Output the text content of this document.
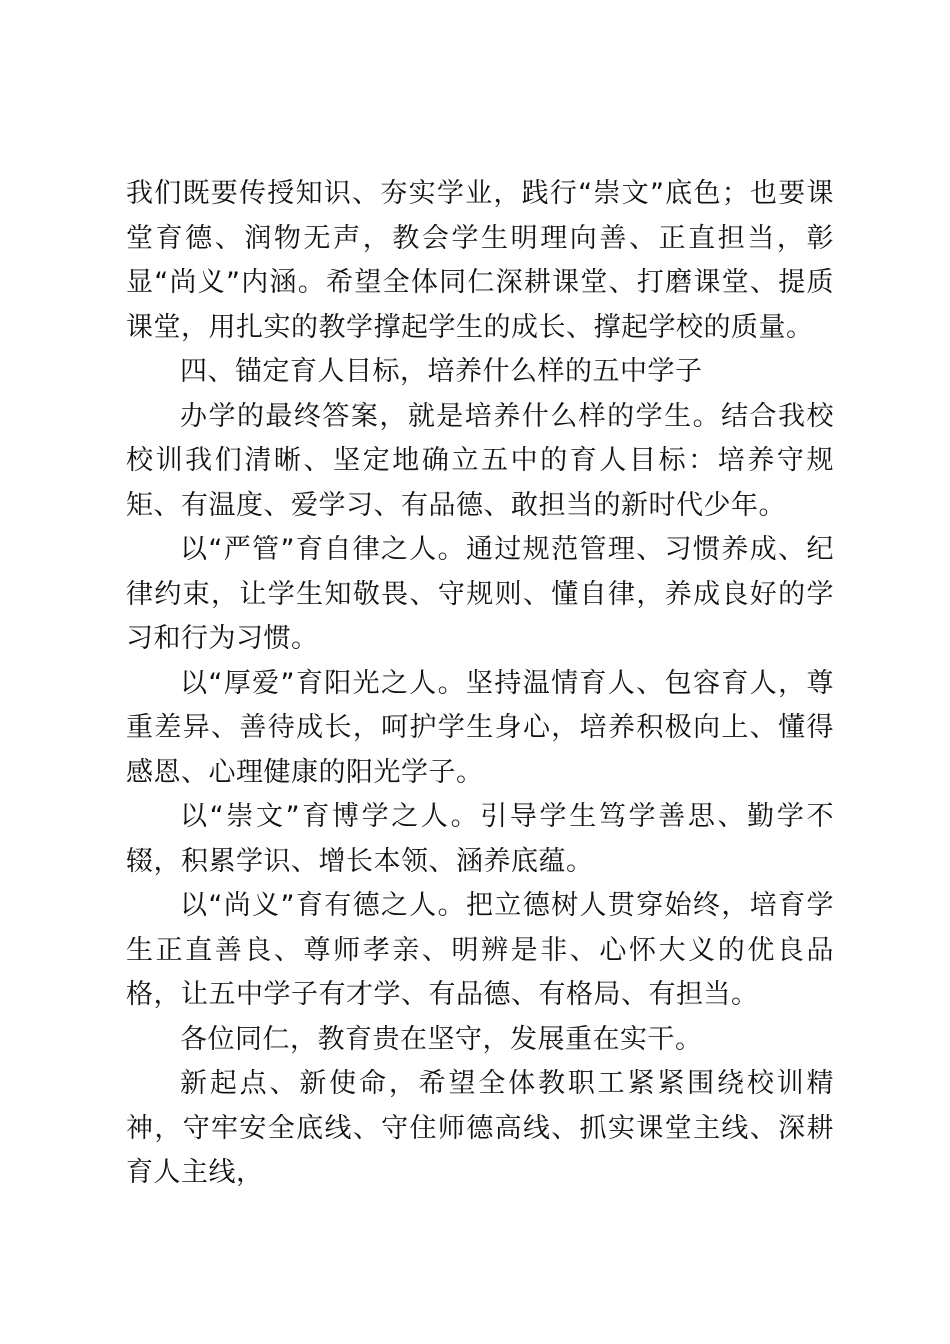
我们既要传授知识、夯实学业，践行“崇文”底色；也要课堂育德、润物无声，教会学生明理向善、正直担当，彰显“尚义”内涵。希望全体同仁深耕课堂、打磨课堂、提质课堂，用扎实的教学撑起学生的成长、撑起学校的质量。

四、锚定育人目标，培养什么样的五中学子

办学的最终答案，就是培养什么样的学生。结合我校校训我们清晰、坚定地确立五中的育人目标：培养守规矩、有温度、爱学习、有品德、敢担当的新时代少年。

以“严管”育自律之人。通过规范管理、习惯养成、纪律约束，让学生知敬畏、守规则、懂自律，养成良好的学习和行为习惯。

以“厚爱”育阳光之人。坚持温情育人、包容育人，尊重差异、善待成长，呵护学生身心，培养积极向上、懂得感恩、心理健康的阳光学子。

以“崇文”育博学之人。引导学生笃学善思、勤学不辍，积累学识、增长本领、涵养底蕴。

以“尚义”育有德之人。把立德树人贯穿始终，培育学生正直善良、尊师孝亲、明辨是非、心怀大义的优良品格，让五中学子有才学、有品德、有格局、有担当。

各位同仁，教育贵在坚守，发展重在实干。

新起点、新使命，希望全体教职工紧紧围绕校训精神，守牢安全底线、守住师德高线、抓实课堂主线、深耕育人主线，
